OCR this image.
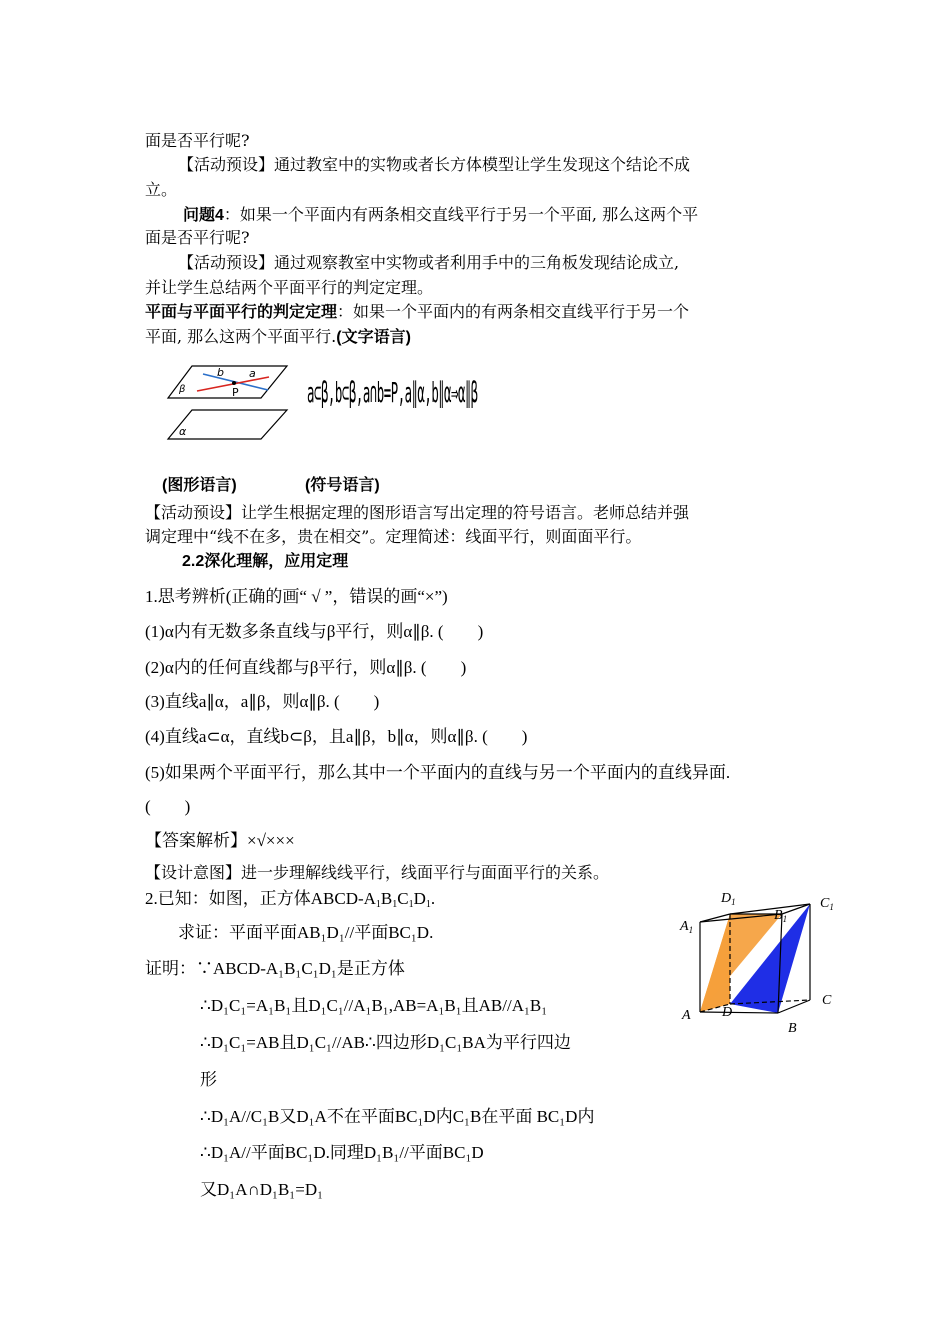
面是否平行呢?
【活动预设】通过教室中的实物或者长方体模型让学生发现这个结论不成
立。
问题4：如果一个平面内有两条相交直线平行于另一个平面, 那么这两个平
面是否平行呢?
【活动预设】通过观察教室中实物或者利用手中的三角板发现结论成立,
并让学生总结两个平面平行的判定定理。
平面与平面平行的判定定理：如果一个平面内的有两条相交直线平行于另一个
平面, 那么这两个平面平行.(文字语言)
b a
P
β
α
a⊂β,b⊂β,a∩b=P,a∥α,b∥α⇒α∥β
(图形语言)	(符号语言)
【活动预设】让学生根据定理的图形语言写出定理的符号语言。老师总结并强
调定理中“线不在多，贵在相交”。定理简述：线面平行，则面面平行。
2.2深化理解，应用定理
1.思考辨析(正确的画“ √ ”，错误的画“×”)
(1)α内有无数多条直线与β平行，则α∥β. (　　)
(2)α内的任何直线都与β平行，则α∥β. (　　)
(3)直线a∥α，a∥β，则α∥β. (　　)
(4)直线a⊂α，直线b⊂β，且a∥β，b∥α，则α∥β. (　　)
(5)如果两个平面平行，那么其中一个平面内的直线与另一个平面内的直线异面.
(　　)
【答案解析】×√×××
【设计意图】进一步理解线线平行，线面平行与面面平行的关系。
2.已知：如图，正方体ABCD-$A_1B_1C_1D_1$.
求证：平面平面AB₁D₁//平面BC₁D.
证明：∵ABCD-A₁B₁C₁D₁是正方体
∴D₁C₁=A₁B₁且D₁C₁//A₁B₁,AB=A₁B₁且AB//A₁B₁
∴D₁C₁=AB且D₁C₁//AB∴四边形D₁C₁BA为平行四边
形
∴D₁A//C₁B又D₁A不在平面BC₁D内C₁B在平面 BC₁D内
∴D₁A//平面BC₁D.同理D₁B₁//平面BC₁D
又D₁A∩D₁B₁=D₁
$D_1$
$B_1$
$C_1$
$A_1$
A D
C
B
